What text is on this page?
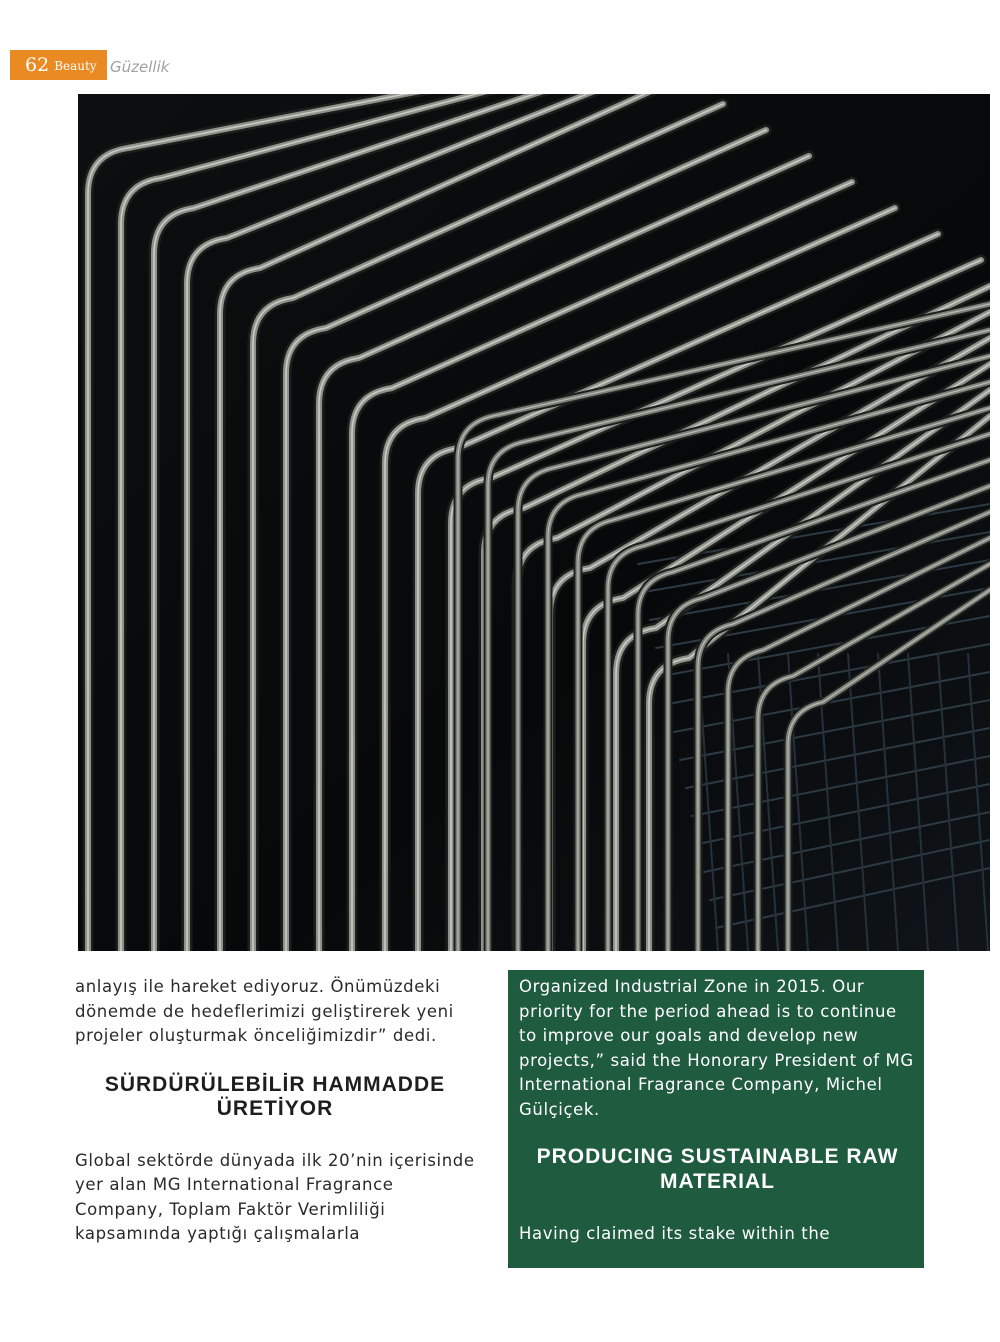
62 Beauty Güzellik

anlayış ile hareket ediyoruz. Önümüzdeki dönemde de hedeflerimizi geliştirerek yeni projeler oluşturmak önceliğimizdir” dedi.

SÜRDÜRÜLEBİLİR HAMMADDE ÜRETİYOR

Global sektörde dünyada ilk 20’nin içerisinde yer alan MG International Fragrance Company, Toplam Faktör Verimliliği kapsamında yaptığı çalışmalarla

Organized Industrial Zone in 2015. Our priority for the period ahead is to continue to improve our goals and develop new projects,” said the Honorary President of MG International Fragrance Company, Michel Gülçiçek.

PRODUCING SUSTAINABLE RAW MATERIAL

Having claimed its stake within the
